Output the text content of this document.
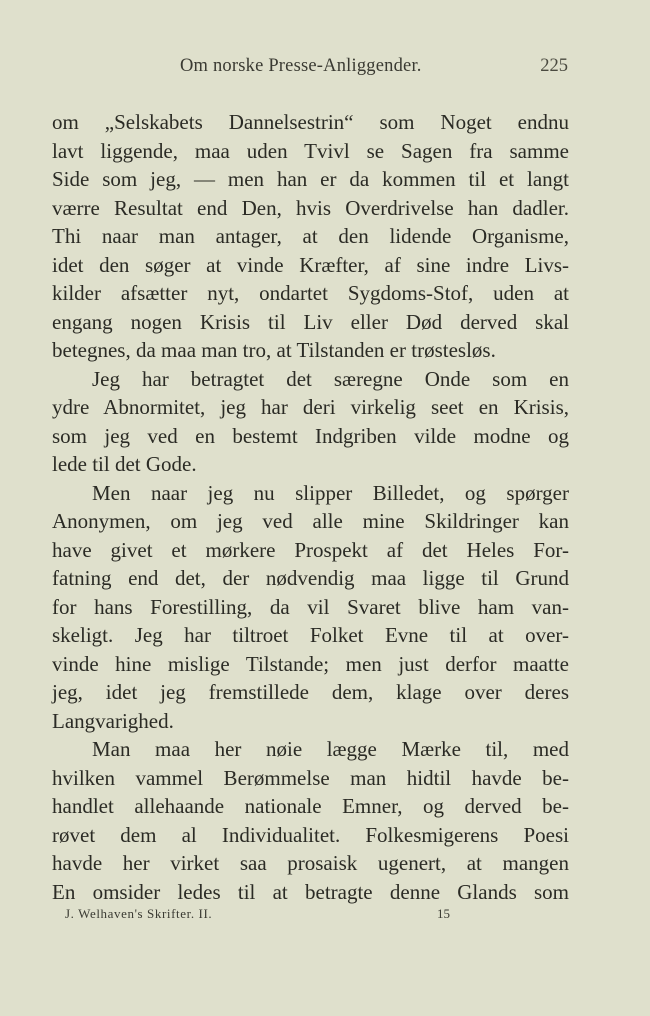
Om norske Presse-Anliggender.	225
om „Selskabets Dannelsestrin“ som Noget endnu
lavt liggende, maa uden Tvivl se Sagen fra samme
Side som jeg, — men han er da kommen til et langt
værre Resultat end Den, hvis Overdrivelse han dadler.
Thi naar man antager, at den lidende Organisme,
idet den søger at vinde Kræfter, af sine indre Livs-
kilder afsætter nyt, ondartet Sygdoms-Stof, uden at
engang nogen Krisis til Liv eller Død derved skal
betegnes, da maa man tro, at Tilstanden er trøstesløs.
Jeg har betragtet det særegne Onde som en
ydre Abnormitet, jeg har deri virkelig seet en Krisis,
som jeg ved en bestemt Indgriben vilde modne og
lede til det Gode.
Men naar jeg nu slipper Billedet, og spørger
Anonymen, om jeg ved alle mine Skildringer kan
have givet et mørkere Prospekt af det Heles For-
fatning end det, der nødvendig maa ligge til Grund
for hans Forestilling, da vil Svaret blive ham van-
skeligt. Jeg har tiltroet Folket Evne til at over-
vinde hine mislige Tilstande; men just derfor maatte
jeg, idet jeg fremstillede dem, klage over deres
Langvarighed.
Man maa her nøie lægge Mærke til, med
hvilken vammel Berømmelse man hidtil havde be-
handlet allehaande nationale Emner, og derved be-
røvet dem al Individualitet. Folkesmigerens Poesi
havde her virket saa prosaisk ugenert, at mangen
En omsider ledes til at betragte denne Glands som
J. Welhaven's Skrifter. II.	15
